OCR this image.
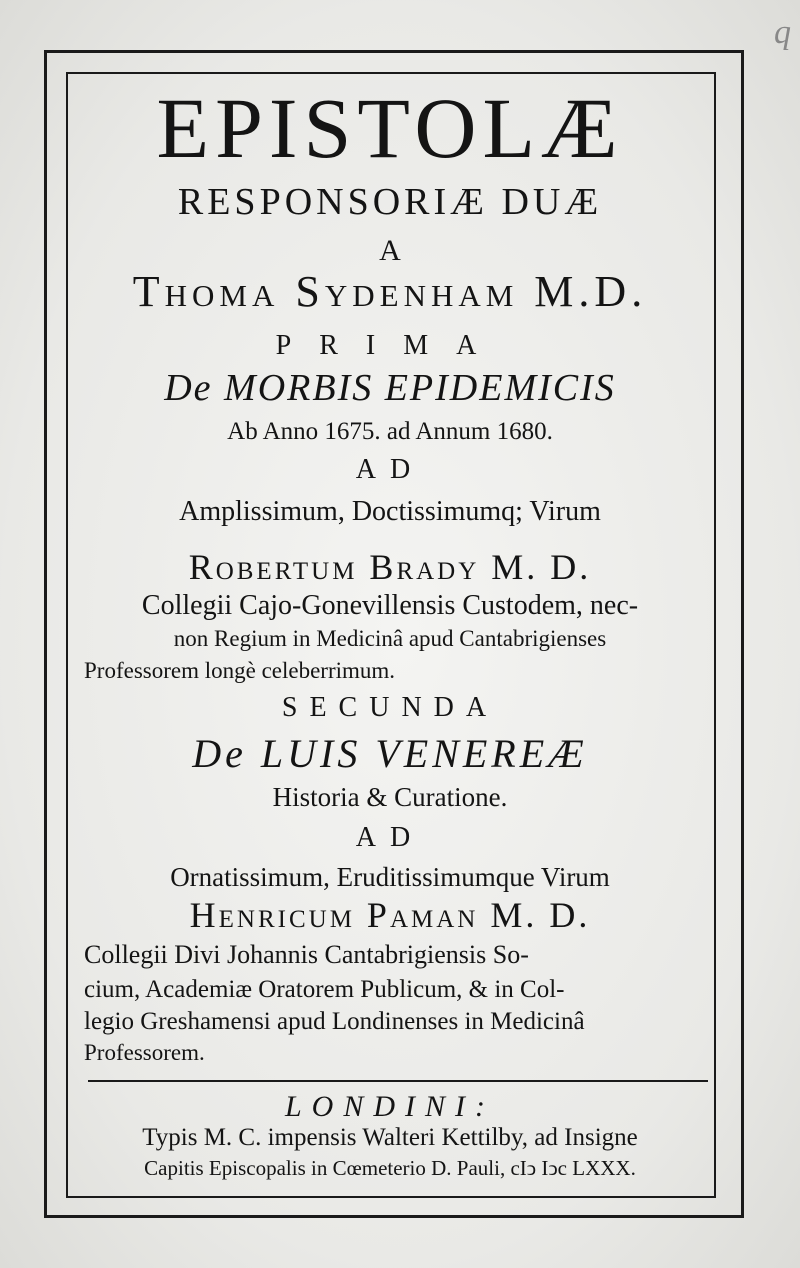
q
EPISTOLÆ
RESPONSORIÆ DUÆ
A
Thoma Sydenham M.D.
PRIMA
De MORBIS EPIDEMICIS
Ab Anno 1675. ad Annum 1680.
AD
Amplissimum, Doctissimumq; Virum
Robertum Brady M. D.
Collegii Cajo-Gonevillensis Custodem, nec-
non Regium in Medicinâ apud Cantabrigienses
Professorem longè celeberrimum.
SECUNDA
De LUIS VENEREÆ
Historia & Curatione.
AD
Ornatissimum, Eruditissimumque Virum
Henricum Paman M. D.
Collegii Divi Johannis Cantabrigiensis So-
cium, Academiæ Oratorem Publicum, & in Col-
legio Greshamensi apud Londinenses in Medicinâ
Professorem.
LONDINI:
Typis M. C. impensis Walteri Kettilby, ad Insigne
Capitis Episcopalis in Cœmeterio D. Pauli, cIↄ Iↄc LXXX.
